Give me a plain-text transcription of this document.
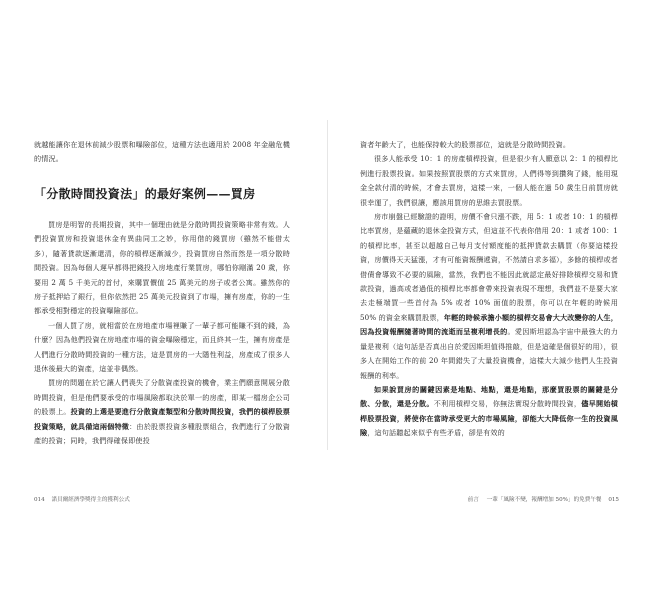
就越能讓你在退休前減少股票和曝險部位，這種方法也適用於 2008 年金融危機的情況。

「分散時間投資法」的最好案例——買房

買房是明智的長期投資，其中一個理由就是分散時間投資策略非常有效。人們投資買房和投資退休金有異曲同工之妙，你用借的錢買房（雖然不能借太多），隨著貸款逐漸還清，你的槓桿逐漸減少，投資買房自然而然是一項分散時間投資。因為每個人遲早都得把錢投入房地產行業買房，哪怕你剛滿 20 歲，你要用 2 萬 5 千美元的首付，來購買價值 25 萬美元的房子或者公寓。雖然你的房子抵押給了銀行，但你依然把 25 萬美元投資到了市場，擁有房產，你的一生都承受相對穩定的投資曝險部位。

一個人買了房，就相當於在房地產市場裡賺了一輩子都可能賺不到的錢，為什麼？因為他們投資在房地產市場的資金曝險穩定，而且終其一生，擁有房產是人們進行分散時間投資的一種方法，這是買房的一大隱性利益，房產成了很多人退休後最大的資產，這並非偶然。

買房的問題在於它讓人們喪失了分散資產投資的機會，業主們願意開展分散時間投資，但是他們要承受的市場風險都取決於單一的房產，即某一檔房企公司的股票上。投資的上選是要進行分散資產類型和分散時間投資，我們的槓桿股票投資策略，就具備這兩個特徵：由於股票投資多種股票組合，我們進行了分散資產的投資；同時，我們得確保即使投

014 諾貝爾經濟學獎得主的獲利公式

資者年齡大了，也能保持較大的股票部位，這就是分散時間投資。

很多人能承受 10：1 的房產槓桿投資，但是很少有人願意以 2：1 的槓桿比例進行股票投資。如果按照買股票的方式來買房，人們得等到攢夠了錢，能用現金全款付清的時候，才會去買房，這樣一來，一個人能在過 50 歲生日前買房就很幸運了，我們很讓，應該用買房的思維去買股票。

房市崩盤已經驗證的證明，房價不會只漲不跌，用 5：1 或者 10：1 的槓桿比率買房，是蘊藏的退休金投資方式，但這並不代表你借用 20：1 或者 100：1 的槓桿比率，甚至以超越自己每月支付額度能的抵押貸款去購買（你要這樣投資，房價得天天猛漲，才有可能資報酬遞資，不然請自求多福），多餘的槓桿或者借債會導致不必要的風險，當然，我們也不能因此就認定最好排除槓桿交易和貸款投資，過高或者過低的槓桿比率都會帶來投資表現不理想，我們並不是要大家去走極端買一些首付為 5% 或者 10% 面值的股票，你可以在年輕的時候用 50% 的資金來購買股票，年輕的時候承擔小額的槓桿交易會大大改變你的人生，因為投資報酬隨著時間的流逝而呈複利增長的。愛因斯坦認為宇宙中最強大的力量是複利（這句話是否真出自於愛因斯坦值得推敲，但是這確是個很好的用），很多人在開始工作的前 20 年間錯失了大量投資機會，這樣大大減少他們人生投資報酬的利率。

如果說買房的關鍵因素是地點、地點，還是地點，那麼買股票的關鍵是分散、分散，還是分散。不利用槓桿交易，你無法實現分散時間投資，儘早開始槓桿股票投資，將使你在當時承受更大的市場風險，卻能大大降低你一生的投資風險，這句話聽起來似乎有些矛盾，卻是有效的

前言 一輩「風險不變，報酬增加 50%」的免費午餐 015
